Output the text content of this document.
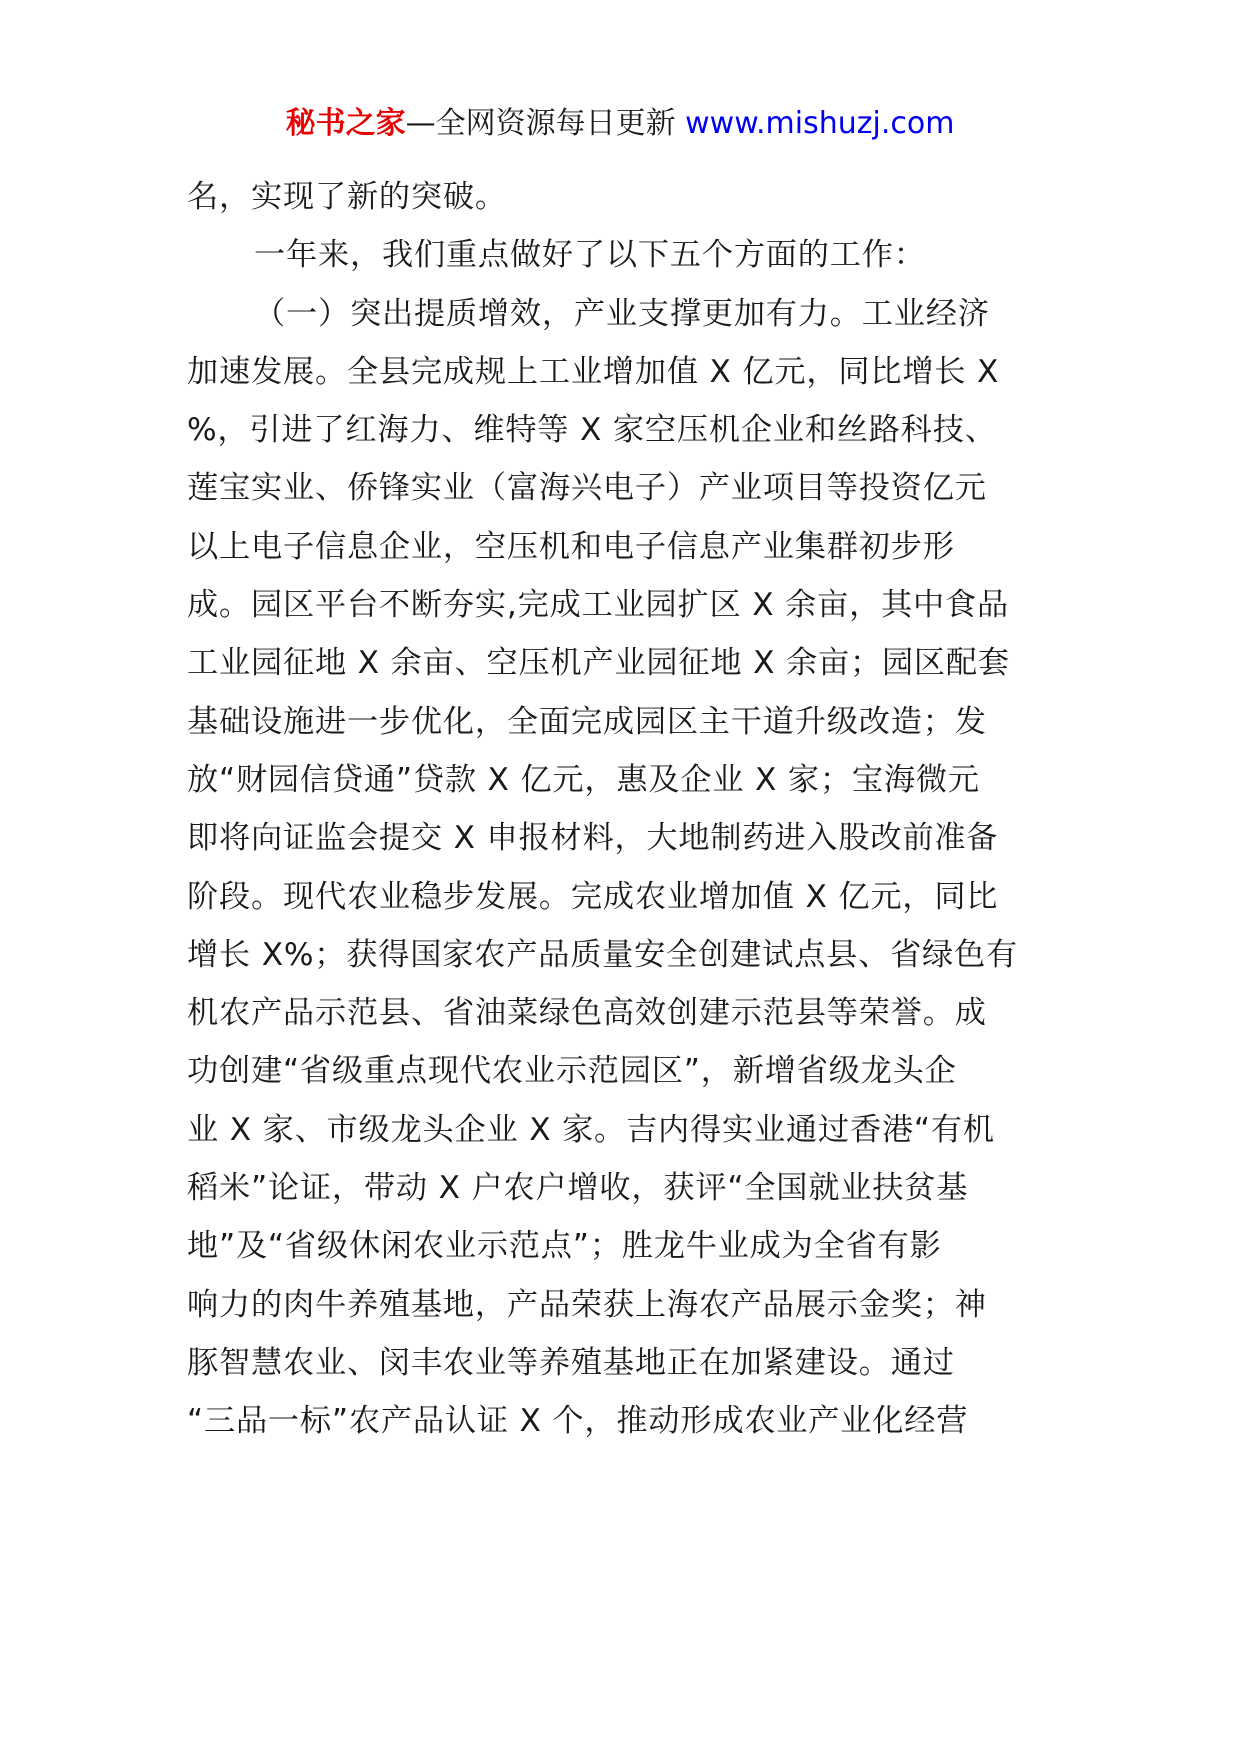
秘书之家—全网资源每日更新 www.mishuzj.com
名，实现了新的突破。
一年来，我们重点做好了以下五个方面的工作：
（一）突出提质增效，产业支撑更加有力。工业经济
加速发展。全县完成规上工业增加值 X 亿元，同比增长 X
%，引进了红海力、维特等 X 家空压机企业和丝路科技、
莲宝实业、侨锋实业（富海兴电子）产业项目等投资亿元
以上电子信息企业，空压机和电子信息产业集群初步形
成。园区平台不断夯实,完成工业园扩区 X 余亩，其中食品
工业园征地 X 余亩、空压机产业园征地 X 余亩；园区配套
基础设施进一步优化，全面完成园区主干道升级改造；发
放“财园信贷通”贷款 X 亿元，惠及企业 X 家；宝海微元
即将向证监会提交 X 申报材料，大地制药进入股改前准备
阶段。现代农业稳步发展。完成农业增加值 X 亿元，同比
增长 X%；获得国家农产品质量安全创建试点县、省绿色有
机农产品示范县、省油菜绿色高效创建示范县等荣誉。成
功创建“省级重点现代农业示范园区”，新增省级龙头企
业 X 家、市级龙头企业 X 家。吉内得实业通过香港“有机
稻米”论证，带动 X 户农户增收，获评“全国就业扶贫基
地”及“省级休闲农业示范点”；胜龙牛业成为全省有影
响力的肉牛养殖基地，产品荣获上海农产品展示金奖；神
豚智慧农业、闵丰农业等养殖基地正在加紧建设。通过
“三品一标”农产品认证 X 个，推动形成农业产业化经营
